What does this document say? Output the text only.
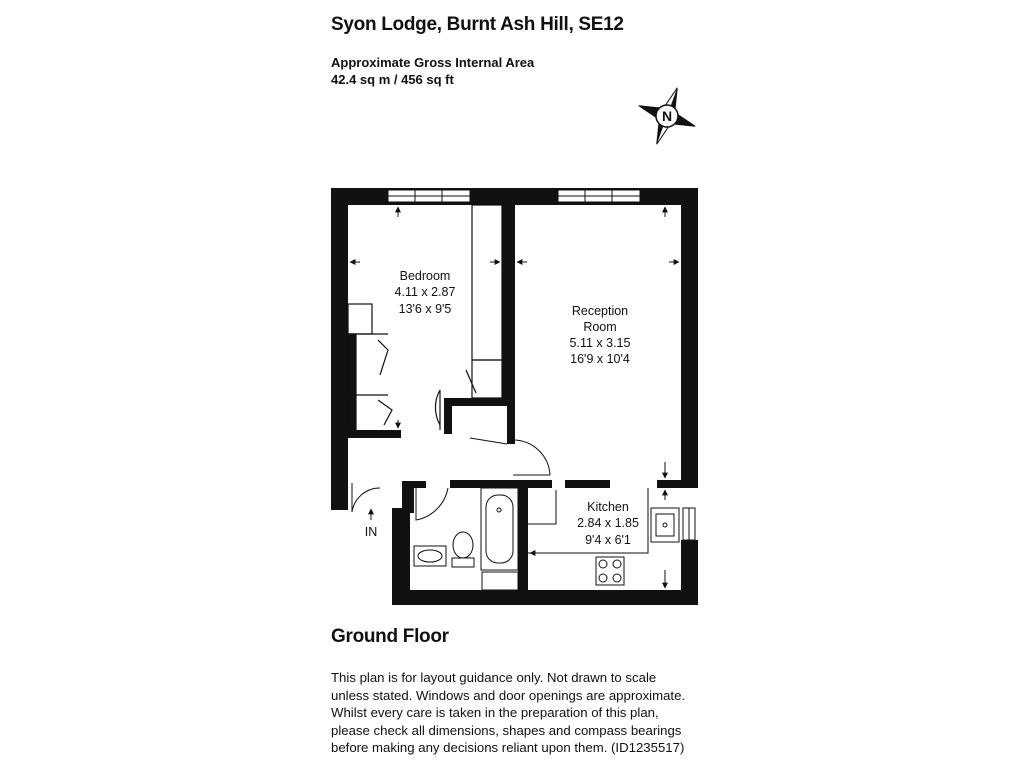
Syon Lodge, Burnt Ash Hill, SE12
Approximate Gross Internal Area
42.4 sq m / 456 sq ft
N
Bedroom
4.11 x 2.87
13'6 x 9'5	Reception
Room
5.11 x 3.15
16'9 x 10'4
Kitchen
2.84 x 1.85
9'4 x 6'1
IN
Ground Floor
This plan is for layout guidance only. Not drawn to scale
unless stated. Windows and door openings are approximate.
Whilst every care is taken in the preparation of this plan,
please check all dimensions, shapes and compass bearings
before making any decisions reliant upon them. (ID1235517)
